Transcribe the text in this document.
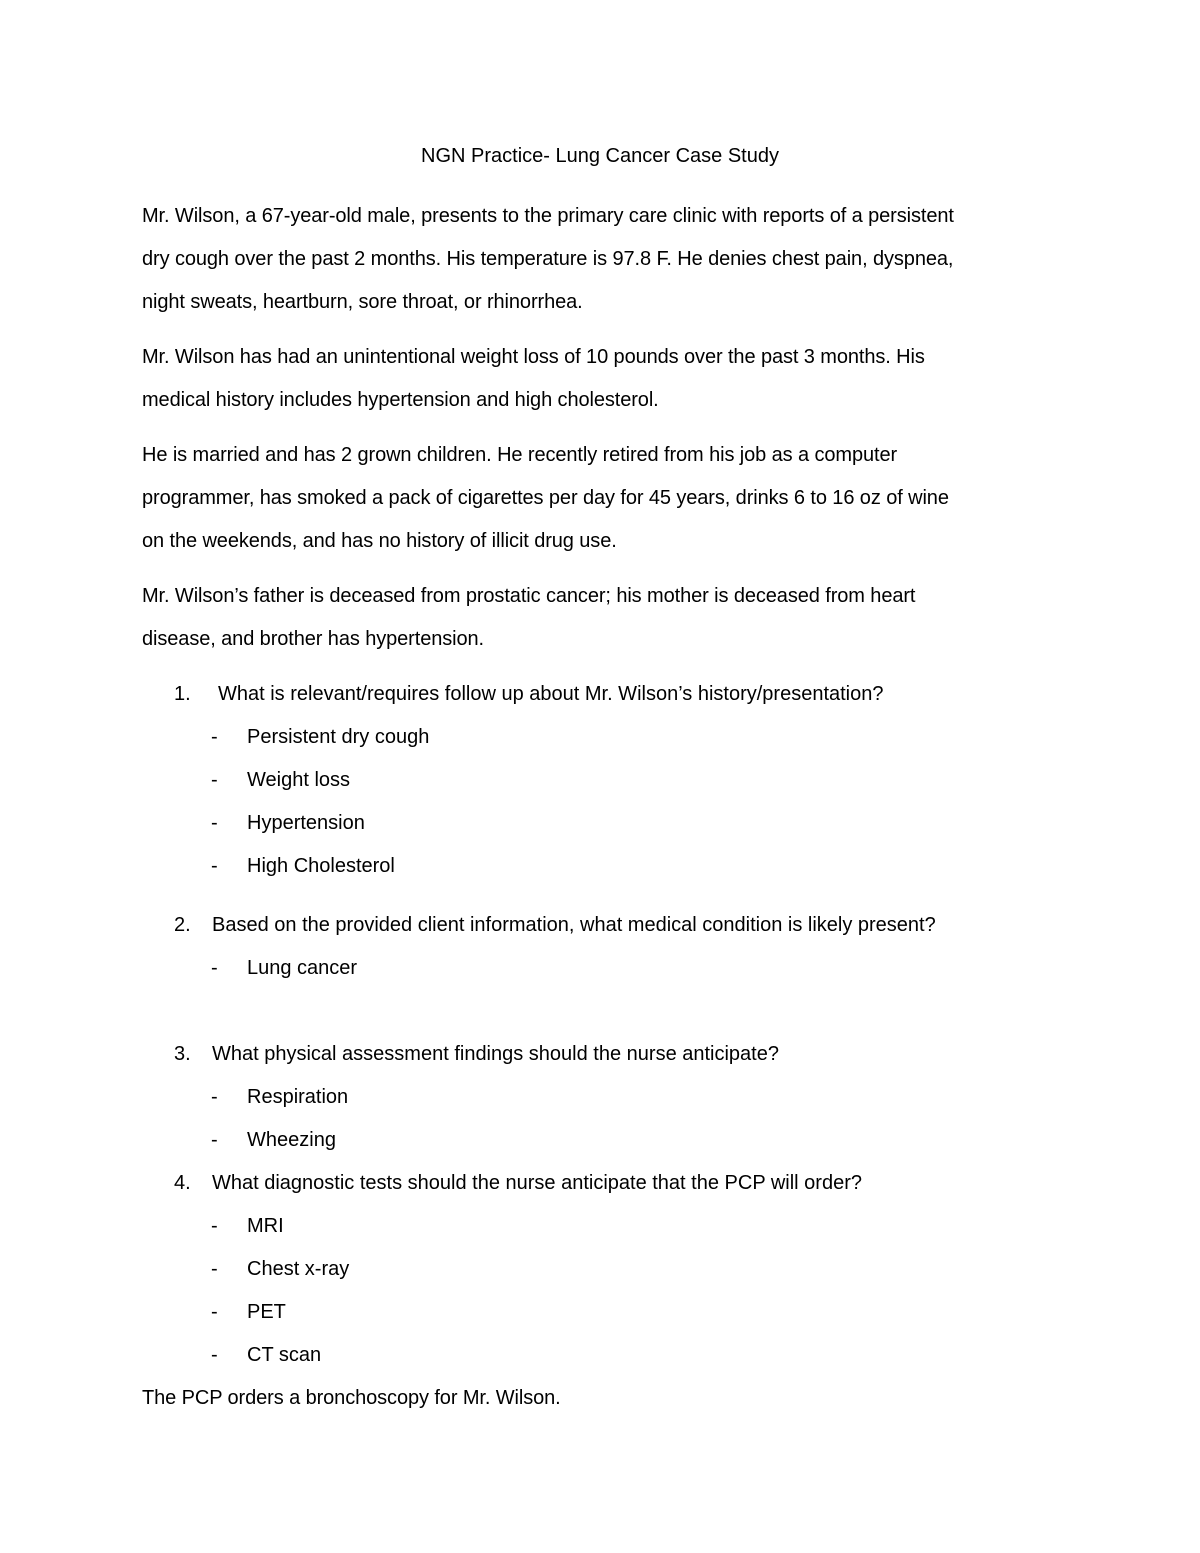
NGN Practice- Lung Cancer Case Study
Mr. Wilson, a 67-year-old male, presents to the primary care clinic with reports of a persistent
dry cough over the past 2 months. His temperature is 97.8 F. He denies chest pain, dyspnea,
night sweats, heartburn, sore throat, or rhinorrhea.
Mr. Wilson has had an unintentional weight loss of 10 pounds over the past 3 months. His
medical history includes hypertension and high cholesterol.
He is married and has 2 grown children. He recently retired from his job as a computer
programmer, has smoked a pack of cigarettes per day for 45 years, drinks 6 to 16 oz of wine
on the weekends, and has no history of illicit drug use.
Mr. Wilson’s father is deceased from prostatic cancer; his mother is deceased from heart
disease, and brother has hypertension.
1. What is relevant/requires follow up about Mr. Wilson’s history/presentation?
- Persistent dry cough
- Weight loss
- Hypertension
- High Cholesterol
2. Based on the provided client information, what medical condition is likely present?
- Lung cancer
3. What physical assessment findings should the nurse anticipate?
- Respiration
- Wheezing
4. What diagnostic tests should the nurse anticipate that the PCP will order?
- MRI
- Chest x-ray
- PET
- CT scan
The PCP orders a bronchoscopy for Mr. Wilson.
